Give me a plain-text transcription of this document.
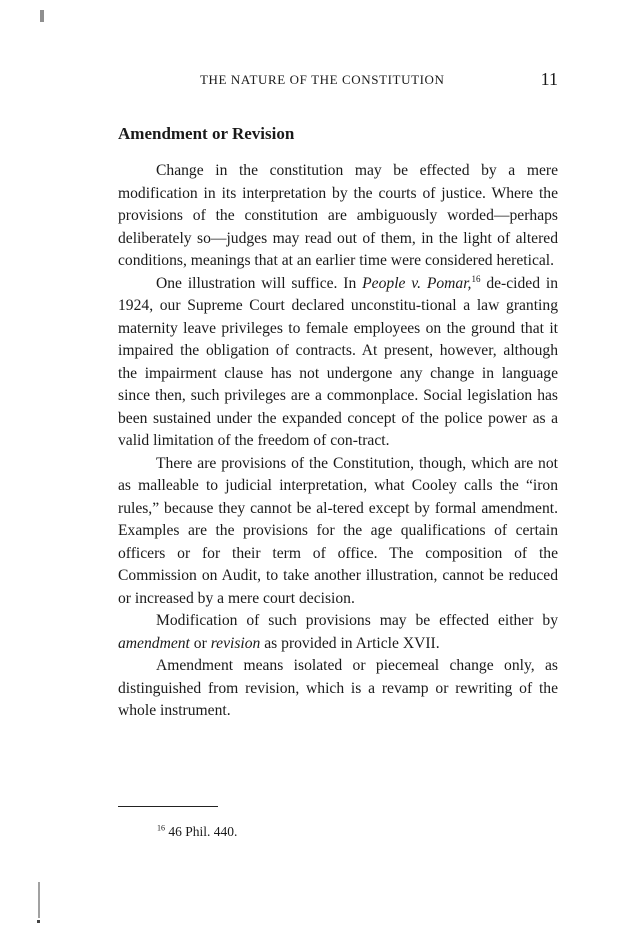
THE NATURE OF THE CONSTITUTION	11
Amendment or Revision

Change in the constitution may be effected by a mere modification in its interpretation by the courts of justice. Where the provisions of the constitution are ambiguously worded—perhaps deliberately so—judges may read out of them, in the light of altered conditions, meanings that at an earlier time were considered heretical.

One illustration will suffice. In People v. Pomar,$^{16}$ de-cided in 1924, our Supreme Court declared unconstitu-tional a law granting maternity leave privileges to female employees on the ground that it impaired the obligation of contracts. At present, however, although the impairment clause has not undergone any change in language since then, such privileges are a commonplace. Social legislation has been sustained under the expanded concept of the police power as a valid limitation of the freedom of con-tract.

There are provisions of the Constitution, though, which are not as malleable to judicial interpretation, what Cooley calls the “iron rules,” because they cannot be al-tered except by formal amendment. Examples are the provisions for the age qualifications of certain officers or for their term of office. The composition of the Commission on Audit, to take another illustration, cannot be reduced or increased by a mere court decision.

Modification of such provisions may be effected either by amendment or revision as provided in Article XVII.

Amendment means isolated or piecemeal change only, as distinguished from revision, which is a revamp or rewriting of the whole instrument.

$^{16}$ 46 Phil. 440.
